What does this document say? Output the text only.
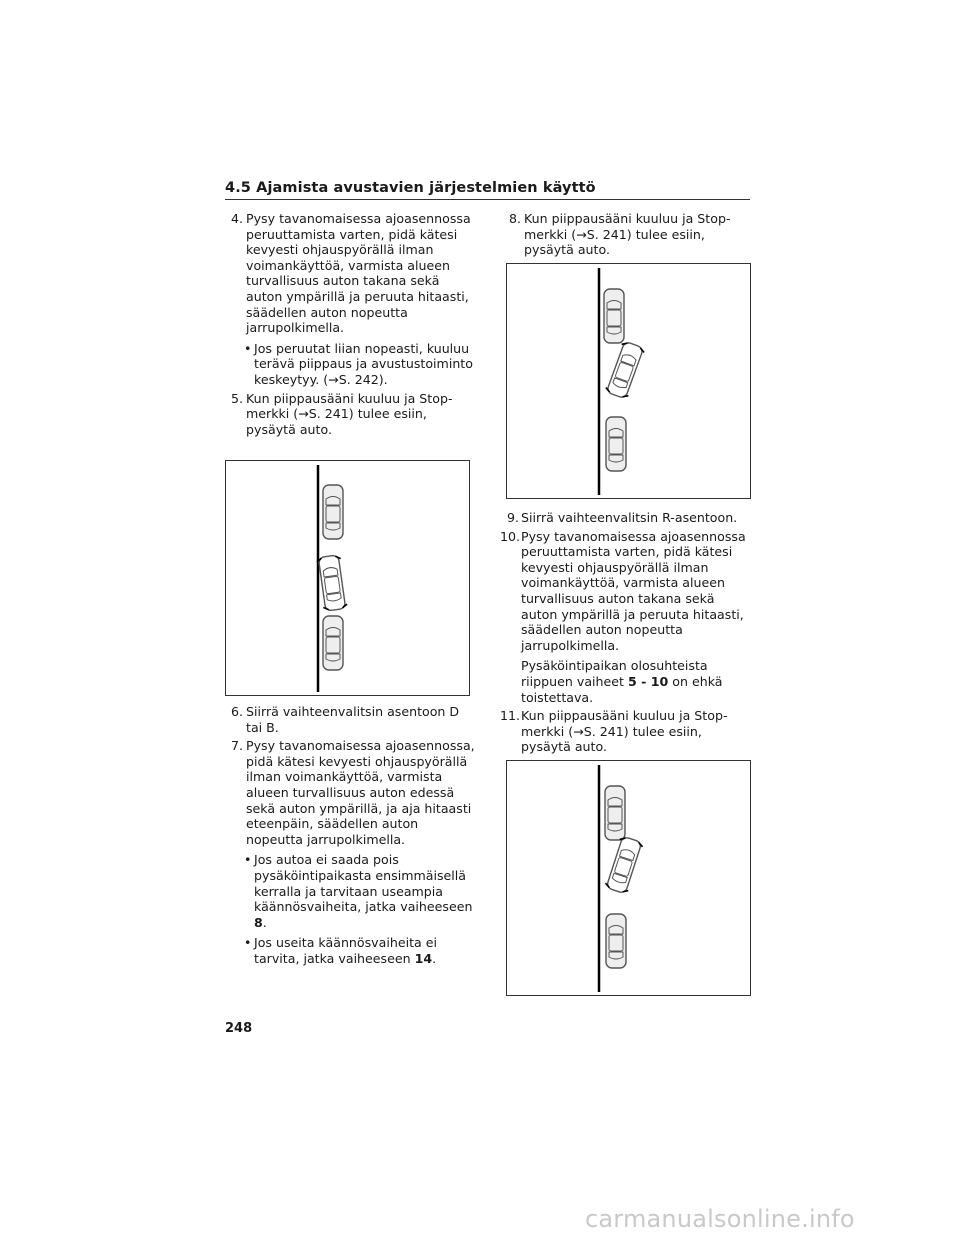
4.5 Ajamista avustavien järjestelmien käyttö
4. Pysy tavanomaisessa ajoasennossa peruuttamista varten, pidä kätesi kevyesti ohjauspyörällä ilman voimankäyttöä, varmista alueen turvallisuus auton takana sekä auton ympärillä ja peruuta hitaasti, säädellen auton nopeutta jarrupolkimella.
• Jos peruutat liian nopeasti, kuuluu terävä piippaus ja avustustoiminto keskeytyy. (→S. 242).
5. Kun piippausääni kuuluu ja Stop-merkki (→S. 241) tulee esiin, pysäytä auto.
6. Siirrä vaihteenvalitsin asentoon D tai B.
7. Pysy tavanomaisessa ajoasennossa, pidä kätesi kevyesti ohjauspyörällä ilman voimankäyttöä, varmista alueen turvallisuus auton edessä sekä auton ympärillä, ja aja hitaasti eteenpäin, säädellen auton nopeutta jarrupolkimella.
• Jos autoa ei saada pois pysäköintipaikasta ensimmäisellä kerralla ja tarvitaan useampia käännösvaiheita, jatka vaiheeseen 8.
• Jos useita käännösvaiheita ei tarvita, jatka vaiheeseen 14.
8. Kun piippausääni kuuluu ja Stop-merkki (→S. 241) tulee esiin, pysäytä auto.
9. Siirrä vaihteenvalitsin R-asentoon.
10. Pysy tavanomaisessa ajoasennossa peruuttamista varten, pidä kätesi kevyesti ohjauspyörällä ilman voimankäyttöä, varmista alueen turvallisuus auton takana sekä auton ympärillä ja peruuta hitaasti, säädellen auton nopeutta jarrupolkimella.
Pysäköintipaikan olosuhteista riippuen vaiheet 5 - 10 on ehkä toistettava.
11. Kun piippausääni kuuluu ja Stop-merkki (→S. 241) tulee esiin, pysäytä auto.
248
carmanualsonline.info
